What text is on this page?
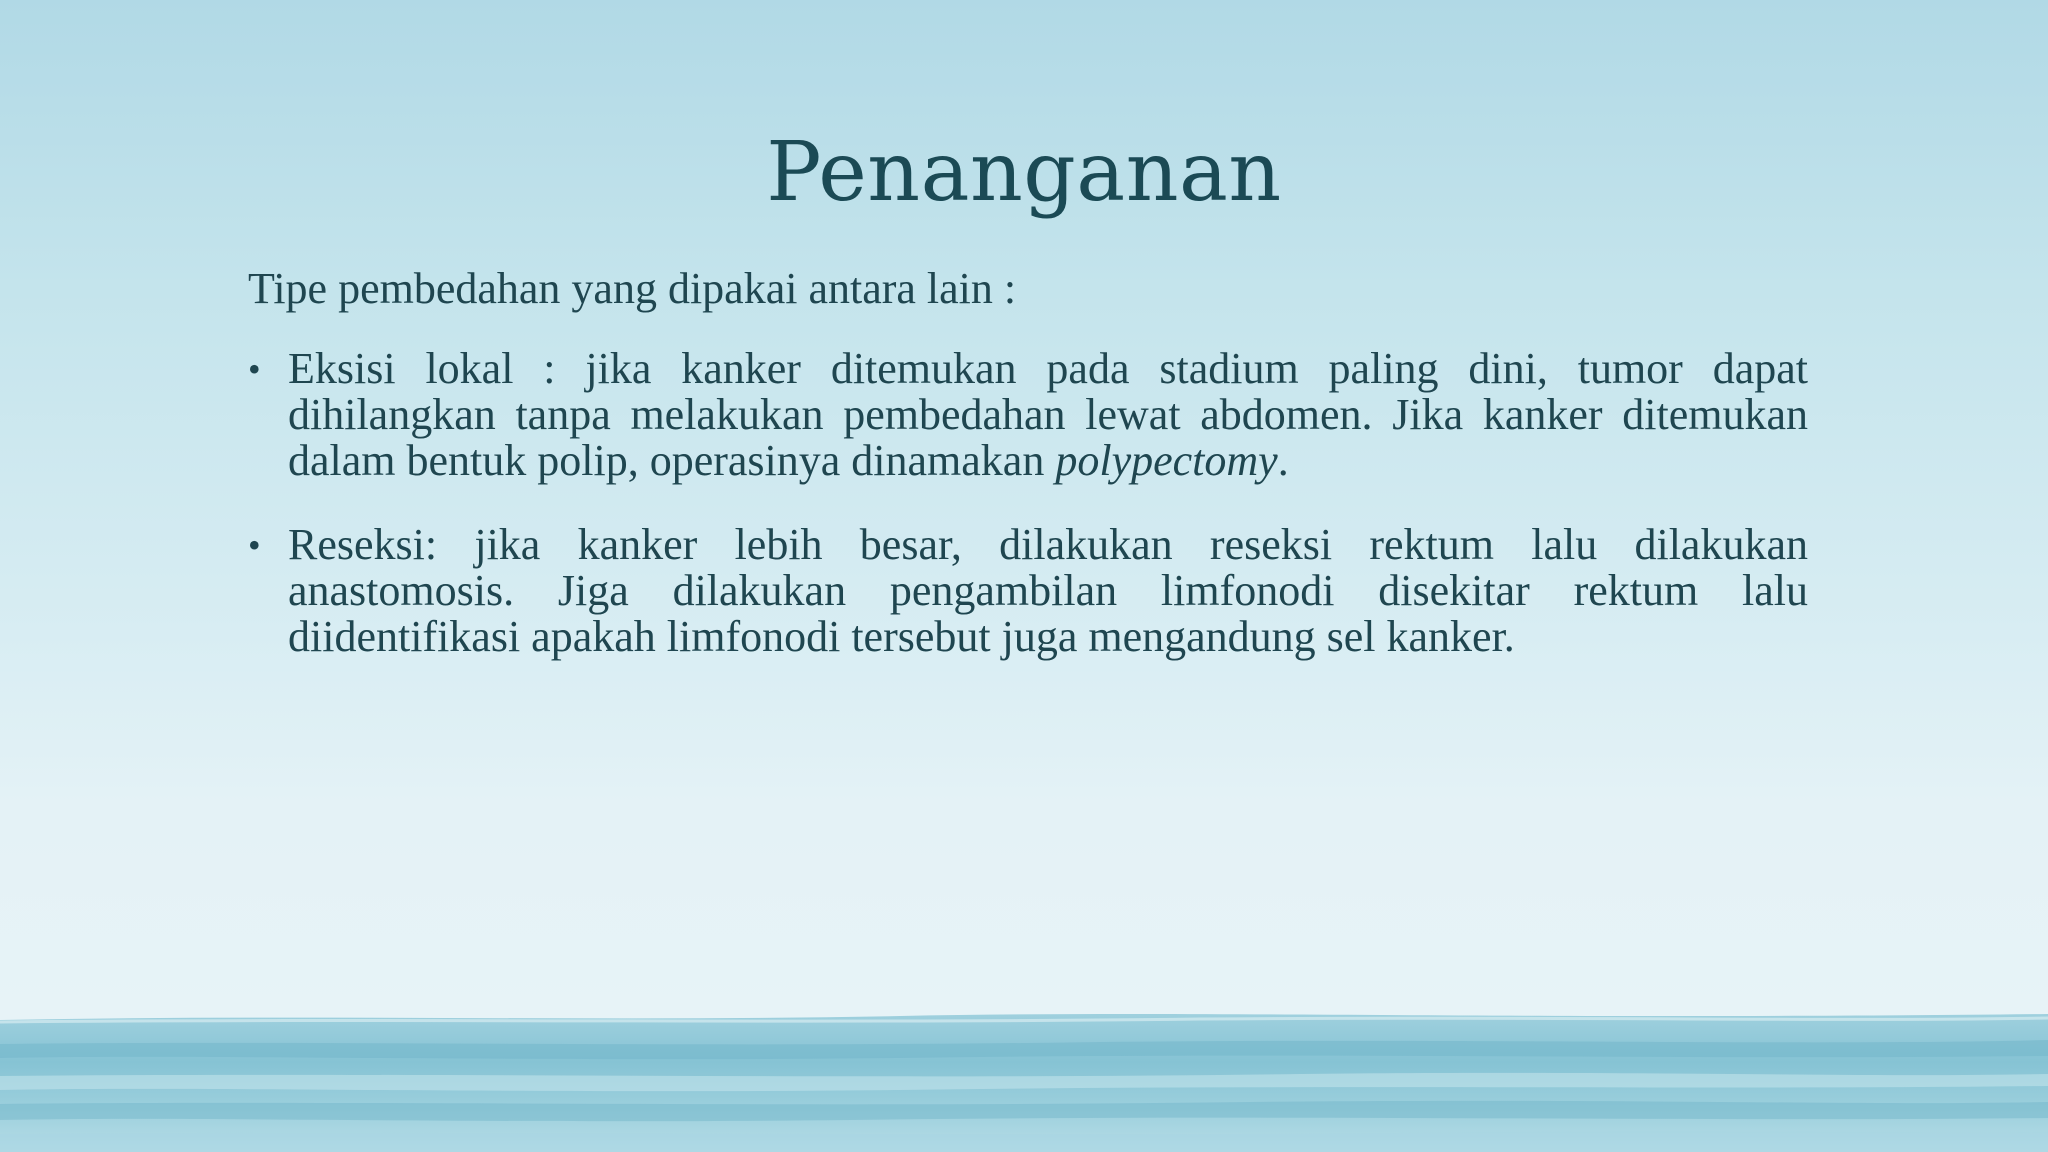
Penanganan

Tipe pembedahan yang dipakai antara lain :

• Eksisi lokal : jika kanker ditemukan pada stadium paling dini, tumor dapat dihilangkan tanpa melakukan pembedahan lewat abdomen. Jika kanker ditemukan dalam bentuk polip, operasinya dinamakan polypectomy.
• Reseksi: jika kanker lebih besar, dilakukan reseksi rektum lalu dilakukan anastomosis. Jiga dilakukan pengambilan limfonodi disekitar rektum lalu diidentifikasi apakah limfonodi tersebut juga mengandung sel kanker.
